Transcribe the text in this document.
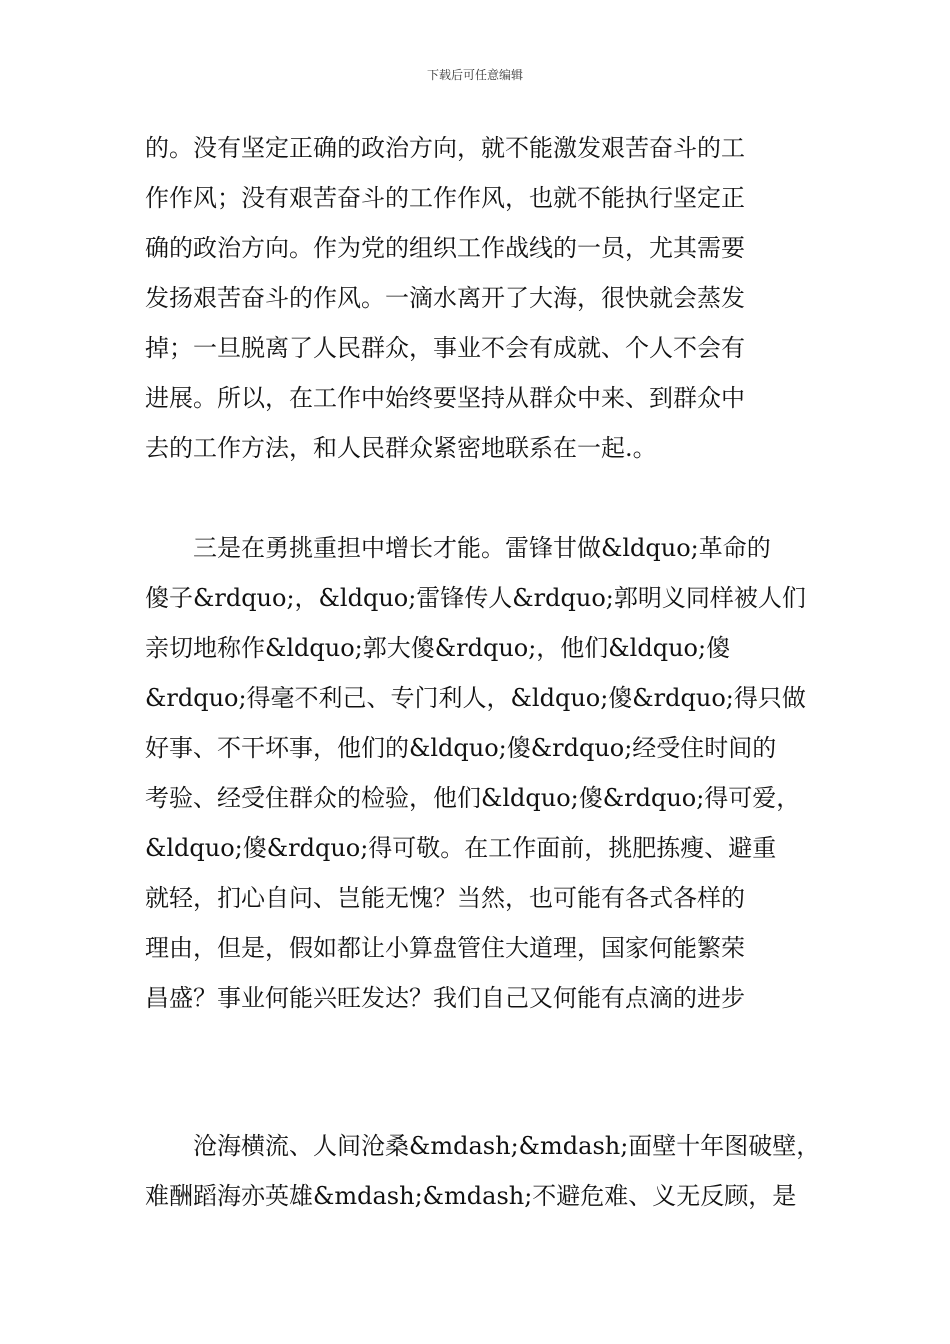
下载后可任意编辑
的。没有坚定正确的政治方向，就不能激发艰苦奋斗的工
作作风；没有艰苦奋斗的工作作风，也就不能执行坚定正
确的政治方向。作为党的组织工作战线的一员，尤其需要
发扬艰苦奋斗的作风。一滴水离开了大海，很快就会蒸发
掉；一旦脱离了人民群众，事业不会有成就、个人不会有
进展。所以，在工作中始终要坚持从群众中来、到群众中
去的工作方法，和人民群众紧密地联系在一起.。
三是在勇挑重担中增长才能。雷锋甘做&ldquo;革命的
傻子&rdquo;，&ldquo;雷锋传人&rdquo;郭明义同样被人们
亲切地称作&ldquo;郭大傻&rdquo;，他们&ldquo;傻
&rdquo;得毫不利己、专门利人，&ldquo;傻&rdquo;得只做
好事、不干坏事，他们的&ldquo;傻&rdquo;经受住时间的
考验、经受住群众的检验，他们&ldquo;傻&rdquo;得可爱，
&ldquo;傻&rdquo;得可敬。在工作面前，挑肥拣瘦、避重
就轻，扪心自问、岂能无愧？当然，也可能有各式各样的
理由，但是，假如都让小算盘管住大道理，国家何能繁荣
昌盛？事业何能兴旺发达？我们自己又何能有点滴的进步
沧海横流、人间沧桑&mdash;&mdash;面壁十年图破壁，
难酬蹈海亦英雄&mdash;&mdash;不避危难、义无反顾，是
